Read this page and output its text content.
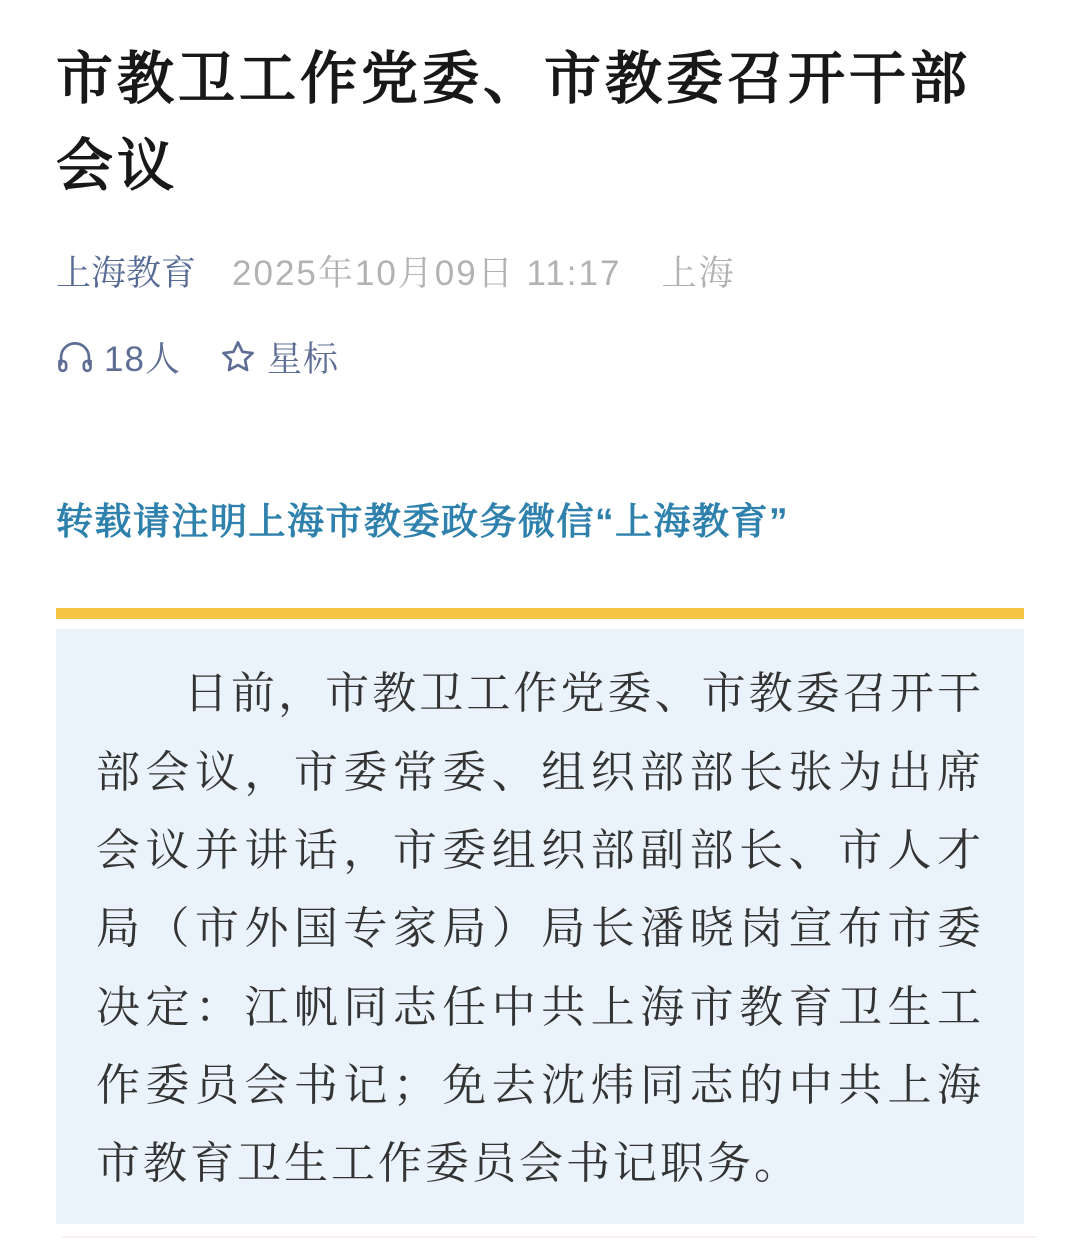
市教卫工作党委、市教委召开干部会议
上海教育 2025年10月09日 11:17 上海
18人 星标
转载请注明上海市教委政务微信“上海教育”

日前，市教卫工作党委、市教委召开干部会议，市委常委、组织部部长张为出席会议并讲话，市委组织部副部长、市人才局（市外国专家局）局长潘晓岗宣布市委决定：江帆同志任中共上海市教育卫生工作委员会书记；免去沈炜同志的中共上海市教育卫生工作委员会书记职务。
